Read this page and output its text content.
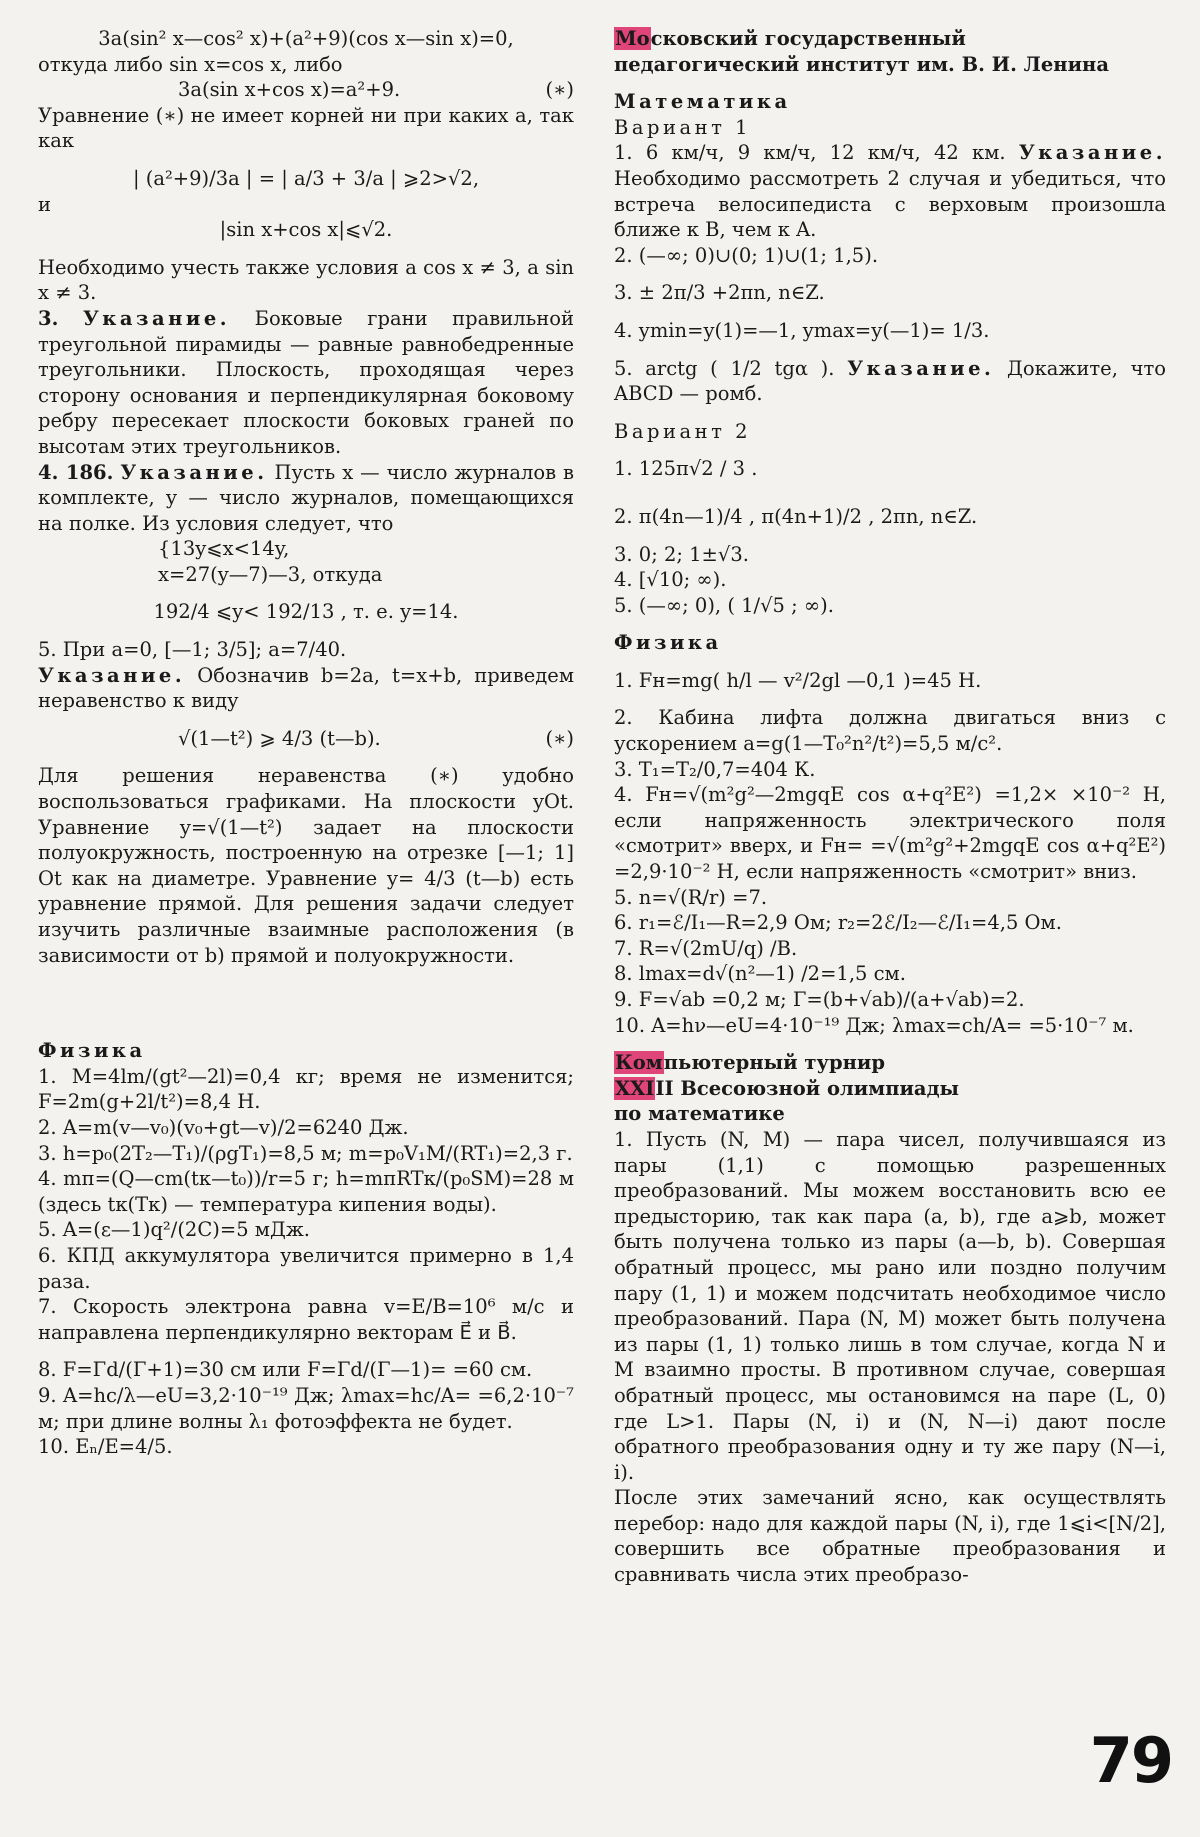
3a(sin² x—cos² x)+(a²+9)(cos x—sin x)=0,

откуда либо sin x=cos x, либо

3a(sin x+cos x)=a²+9.	(∗)

Уравнение (∗) не имеет корней ни при каких a, так как

| (a²+9)/3a | = | a/3 + 3/a | ⩾2>√2,

и

|sin x+cos x|⩽√2.

Необходимо учесть также условия a cos x ≠ 3, a sin x ≠ 3.

3. Указание. Боковые грани правильной треугольной пирамиды — равные равнобедренные треугольники. Плоскость, проходящая через сторону основания и перпендикулярная боковому ребру пересекает плоскости боковых граней по высотам этих треугольников.

4. 186. Указание. Пусть x — число журналов в комплекте, y — число журналов, помещающихся на полке. Из условия следует, что

{13y⩽x<14y,

x=27(y—7)—3, откуда

192/4 ⩽y< 192/13 , т. е. y=14.

5. При a=0, [—1; 3/5]; a=7/40.

Указание. Обозначив b=2a, t=x+b, приведем неравенство к виду

√(1—t²) ⩾ 4/3 (t—b).	(∗)

Для решения неравенства (∗) удобно воспользоваться графиками. На плоскости yOt. Уравнение y=√(1—t²) задает на плоскости полуокружность, построенную на отрезке [—1; 1] Ot как на диаметре. Уравнение y= 4/3 (t—b) есть уравнение прямой. Для решения задачи следует изучить различные взаимные расположения (в зависимости от b) прямой и полуокружности.

Физика

1. M=4lm/(gt²—2l)=0,4 кг; время не изменится; F=2m(g+2l/t²)=8,4 Н.

2. A=m(v—v₀)(v₀+gt—v)/2=6240 Дж.

3. h=p₀(2T₂—T₁)/(ρgT₁)=8,5 м; m=p₀V₁M/(RT₁)=2,3 г.

4. mп=(Q—cm(tк—t₀))/r=5 г; h=mпRTк/(p₀SM)=28 м (здесь tк(Tк) — температура кипения воды).

5. A=(ε—1)q²/(2C)=5 мДж.

6. КПД аккумулятора увеличится примерно в 1,4 раза.

7. Скорость электрона равна v=E/B=10⁶ м/с и направлена перпендикулярно векторам E⃗ и B⃗.

8. F=Γd/(Γ+1)=30 см или F=Γd/(Γ—1)= =60 см.

9. A=hc/λ—eU=3,2·10⁻¹⁹ Дж; λmax=hc/A= =6,2·10⁻⁷ м; при длине волны λ₁ фотоэффекта не будет.

10. Eₙ/E=4/5.

Московский государственный

педагогический институт им. В. И. Ленина

Математика

Вариант 1

1. 6 км/ч, 9 км/ч, 12 км/ч, 42 км. Указание. Необходимо рассмотреть 2 случая и убедиться, что встреча велосипедиста с верховым произошла ближе к B, чем к A.

2. (—∞; 0)∪(0; 1)∪(1; 1,5).

3. ± 2π/3 +2πn, n∈Z.

4. ymin=y(1)=—1, ymax=y(—1)= 1/3.

5. arctg ( 1/2 tgα ). Указание. Докажите, что ABCD — ромб.

Вариант 2

1. 125π√2 / 3 .

2. π(4n—1)/4 , π(4n+1)/2 , 2πn, n∈Z.

3. 0; 2; 1±√3.

4. [√10; ∞).

5. (—∞; 0), ( 1/√5 ; ∞).

Физика

1. Fн=mg( h/l — v²/2gl —0,1 )=45 Н.

2. Кабина лифта должна двигаться вниз с ускорением a=g(1—T₀²n²/t²)=5,5 м/с².

3. T₁=T₂/0,7=404 К.

4. Fн=√(m²g²—2mgqE cos α+q²E²) =1,2× ×10⁻² Н, если напряженность электрического поля «смотрит» вверх, и Fн= =√(m²g²+2mgqE cos α+q²E²) =2,9·10⁻² Н, если напряженность «смотрит» вниз.

5. n=√(R/r) =7.

6. r₁=ℰ/I₁—R=2,9 Ом; r₂=2ℰ/I₂—ℰ/I₁=4,5 Ом.

7. R=√(2mU/q) /B.

8. lmax=d√(n²—1) /2=1,5 см.

9. F=√ab =0,2 м; Γ=(b+√ab)/(a+√ab)=2.

10. A=hν—eU=4·10⁻¹⁹ Дж; λmax=ch/A= =5·10⁻⁷ м.

Компьютерный турнир

XXIII Всесоюзной олимпиады

по математике

1. Пусть (N, M) — пара чисел, получившаяся из пары (1,1) с помощью разрешенных преобразований. Мы можем восстановить всю ее предысторию, так как пара (a, b), где a⩾b, может быть получена только из пары (a—b, b). Совершая обратный процесс, мы рано или поздно получим пару (1, 1) и можем подсчитать необходимое число преобразований. Пара (N, M) может быть получена из пары (1, 1) только лишь в том случае, когда N и M взаимно просты. В противном случае, совершая обратный процесс, мы остановимся на паре (L, 0) где L>1. Пары (N, i) и (N, N—i) дают после обратного преобразования одну и ту же пару (N—i, i).

После этих замечаний ясно, как осуществлять перебор: надо для каждой пары (N, i), где 1⩽i<[N/2], совершить все обратные преобразования и сравнивать числа этих преобразо-

79
